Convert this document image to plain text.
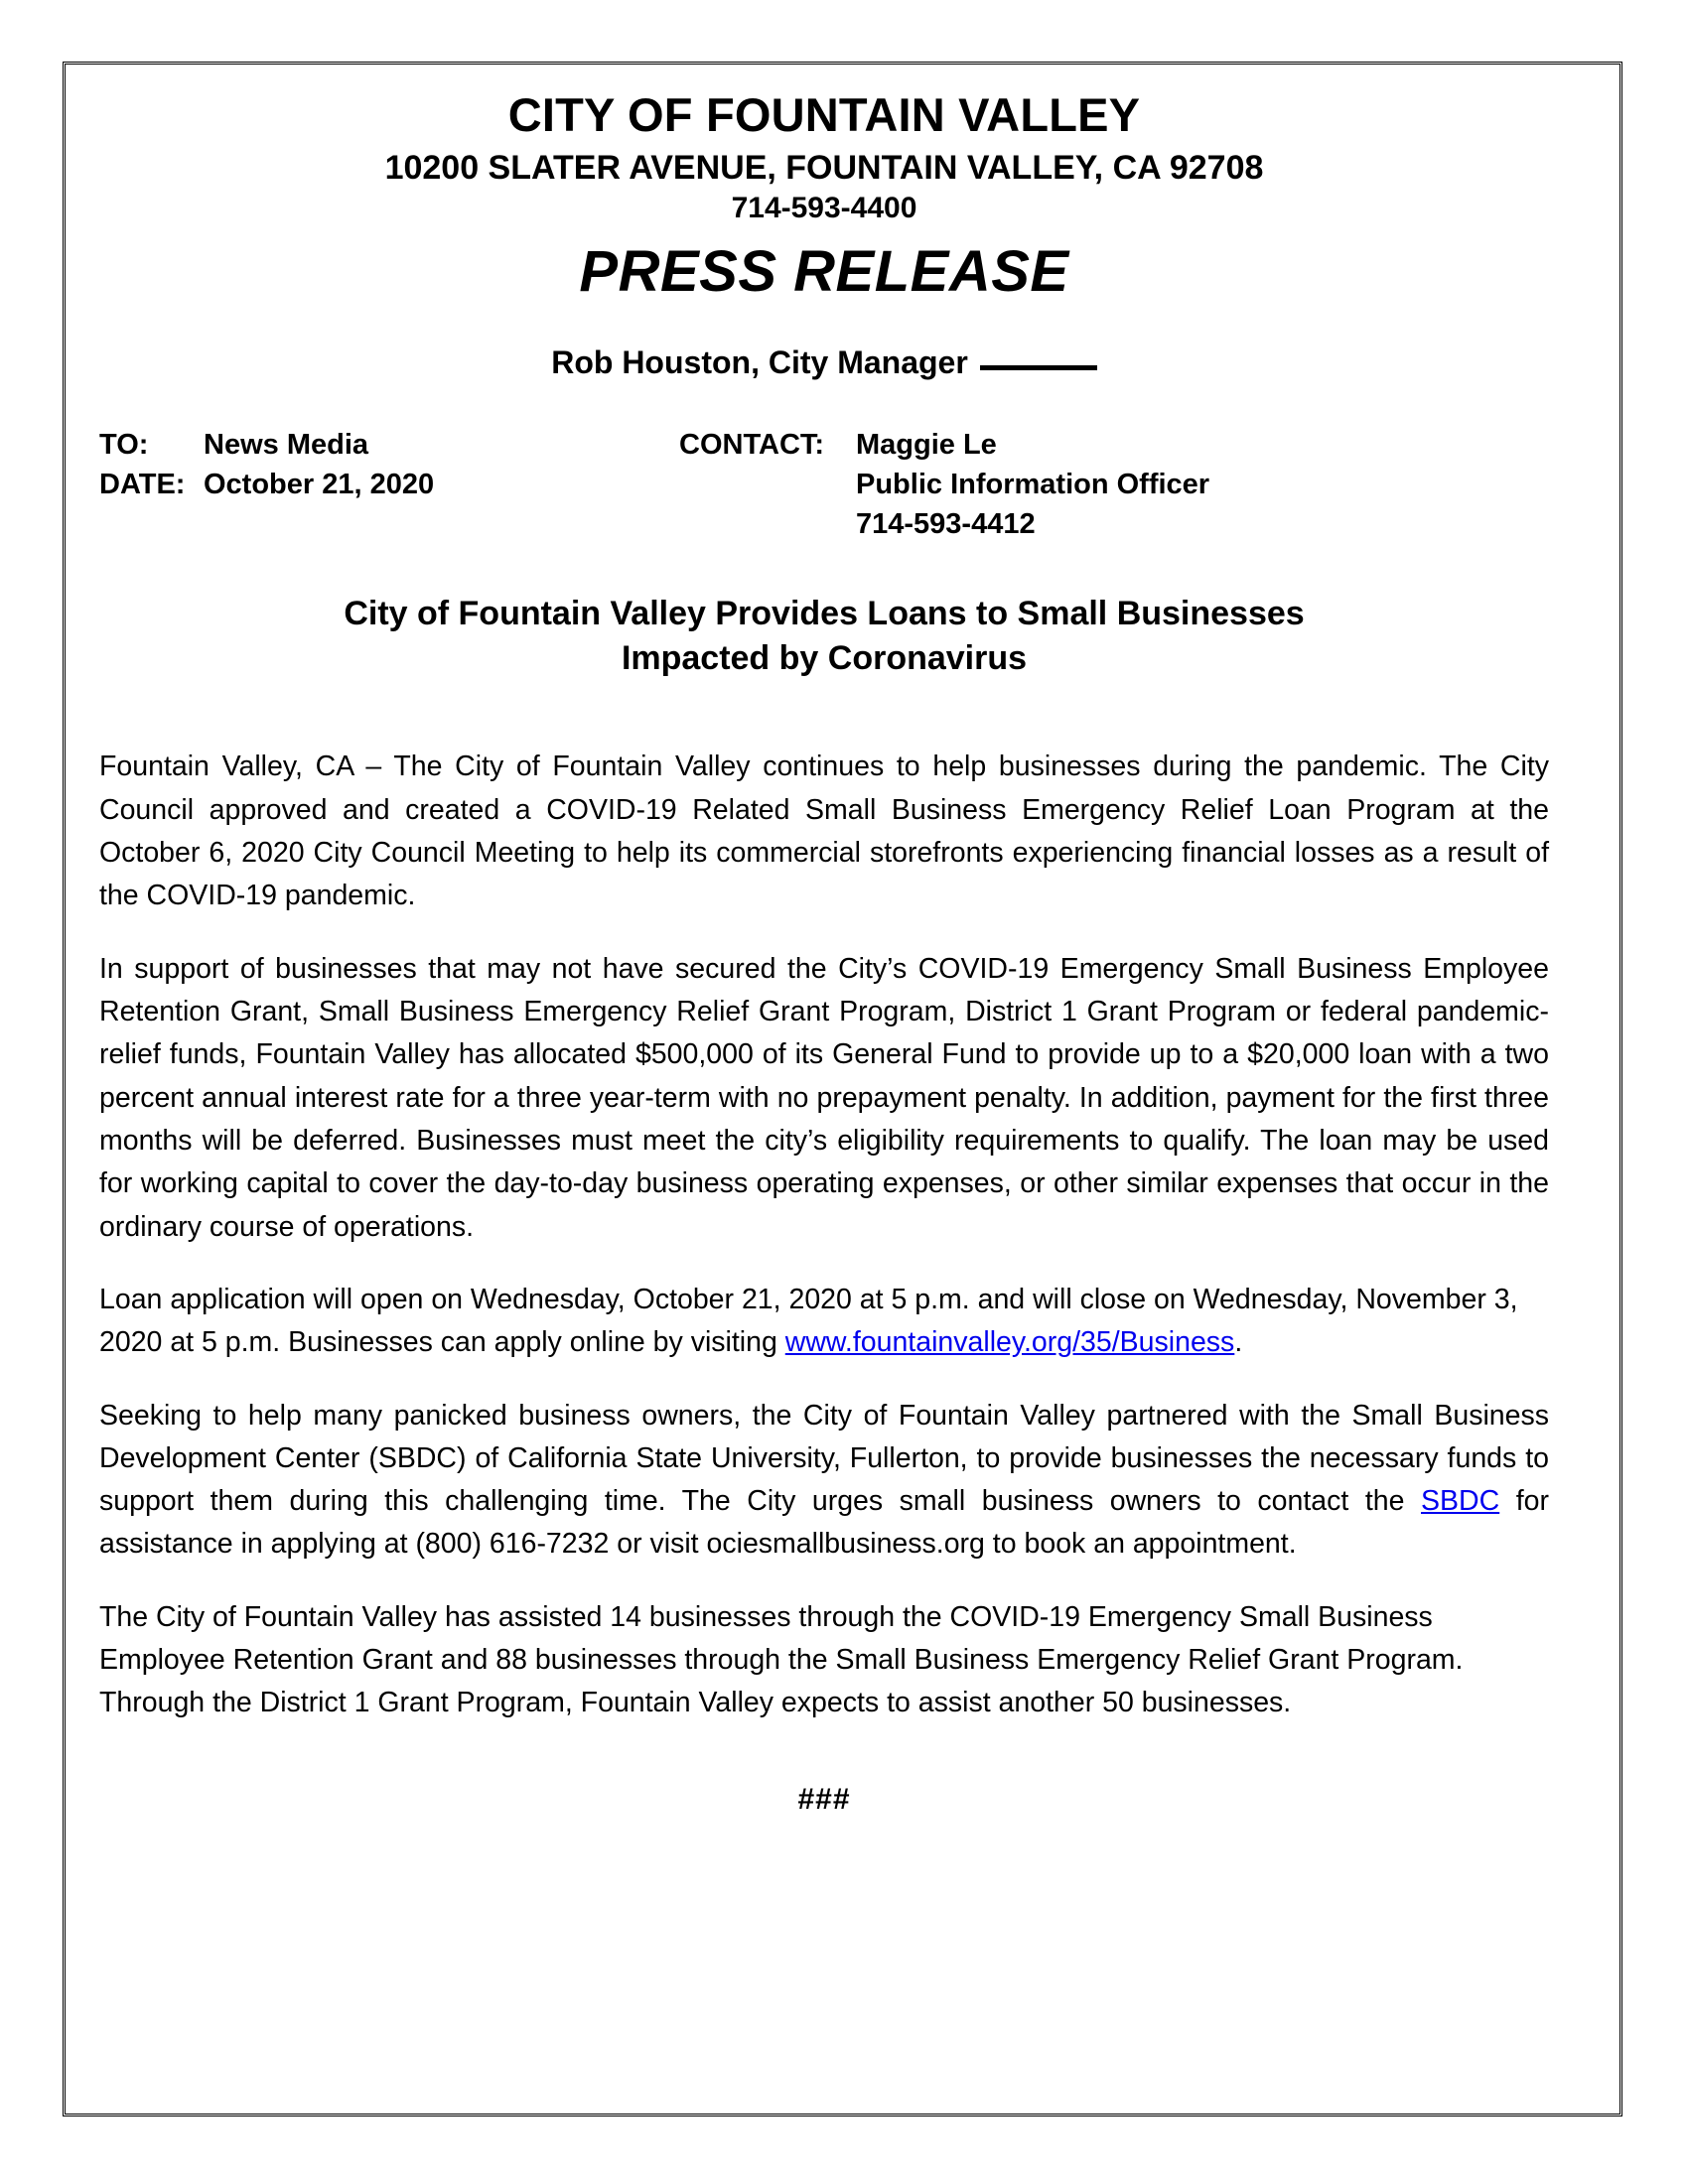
CITY OF FOUNTAIN VALLEY
10200 SLATER AVENUE, FOUNTAIN VALLEY, CA 92708
714-593-4400
PRESS RELEASE
Rob Houston, City Manager
TO:	News Media
DATE: October 21, 2020
CONTACT:	Maggie Le
Public Information Officer
714-593-4412
City of Fountain Valley Provides Loans to Small Businesses
Impacted by Coronavirus

Fountain Valley, CA – The City of Fountain Valley continues to help businesses during the pandemic. The City Council approved and created a COVID-19 Related Small Business Emergency Relief Loan Program at the October 6, 2020 City Council Meeting to help its commercial storefronts experiencing financial losses as a result of the COVID-19 pandemic.

In support of businesses that may not have secured the City’s COVID-19 Emergency Small Business Employee Retention Grant, Small Business Emergency Relief Grant Program, District 1 Grant Program or federal pandemic-relief funds, Fountain Valley has allocated $500,000 of its General Fund to provide up to a $20,000 loan with a two percent annual interest rate for a three year-term with no prepayment penalty. In addition, payment for the first three months will be deferred. Businesses must meet the city’s eligibility requirements to qualify. The loan may be used for working capital to cover the day-to-day business operating expenses, or other similar expenses that occur in the ordinary course of operations.

Loan application will open on Wednesday, October 21, 2020 at 5 p.m. and will close on Wednesday, November 3, 2020 at 5 p.m. Businesses can apply online by visiting www.fountainvalley.org/35/Business.

Seeking to help many panicked business owners, the City of Fountain Valley partnered with the Small Business Development Center (SBDC) of California State University, Fullerton, to provide businesses the necessary funds to support them during this challenging time. The City urges small business owners to contact the SBDC for assistance in applying at (800) 616-7232 or visit ociesmallbusiness.org to book an appointment.

The City of Fountain Valley has assisted 14 businesses through the COVID-19 Emergency Small Business Employee Retention Grant and 88 businesses through the Small Business Emergency Relief Grant Program. Through the District 1 Grant Program, Fountain Valley expects to assist another 50 businesses.

###
